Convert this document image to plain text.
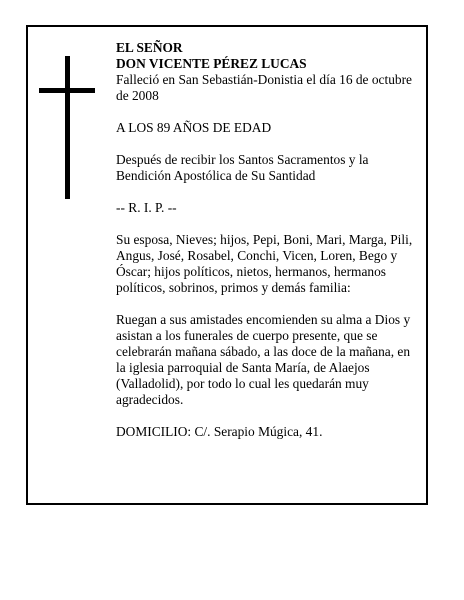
EL SEÑOR

DON VICENTE PÉREZ LUCAS

Falleció en San Sebastián-Donistia el día 16 de octubre de 2008

A LOS 89 AÑOS DE EDAD

Después de recibir los Santos Sacramentos y la Bendición Apostólica de Su Santidad

-- R. I. P. --

Su esposa, Nieves; hijos, Pepi, Boni, Mari, Marga, Pili, Angus, José, Rosabel, Conchi, Vicen, Loren, Bego y Óscar; hijos políticos, nietos, hermanos, hermanos políticos, sobrinos, primos y demás familia:

Ruegan a sus amistades encomienden su alma a Dios y asistan a los funerales de cuerpo presente, que se celebrarán mañana sábado, a las doce de la mañana, en la iglesia parroquial de Santa María, de Alaejos (Valladolid), por todo lo cual les quedarán muy agradecidos.

DOMICILIO: C/. Serapio Múgica, 41.
